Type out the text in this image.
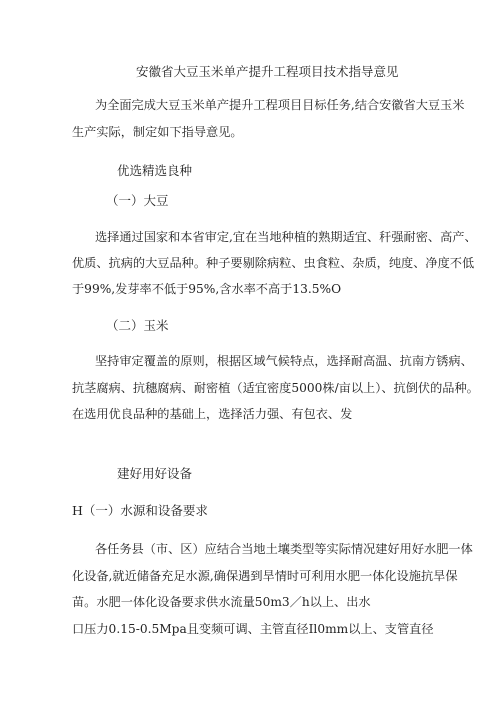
安徽省大豆玉米单产提升工程项目技术指导意见
为全面完成大豆玉米单产提升工程项目目标任务,结合安徽省大豆玉米
生产实际，制定如下指导意见。
优选精选良种
（一）大豆
选择通过国家和本省审定,宜在当地种植的熟期适宜、秆强耐密、高产、
优质、抗病的大豆品种。种子要剔除病粒、虫食粒、杂质，纯度、净度不低
于99%,发芽率不低于95%,含水率不高于13.5%O
（二）玉米
坚持审定覆盖的原则，根据区域气候特点，选择耐高温、抗南方锈病、
抗茎腐病、抗穗腐病、耐密植（适宜密度5000株/亩以上）、抗倒伏的品种。
在选用优良品种的基础上，选择活力强、有包衣、发
建好用好设备
H（一）水源和设备要求
各任务县（市、区）应结合当地土壤类型等实际情况建好用好水肥一体
化设备,就近储备充足水源,确保遇到旱情时可利用水肥一体化设施抗旱保
苗。水肥一体化设备要求供水流量50m3／h以上、出水
口压力0.15-0.5Mpa且变频可调、主管直径Il0mm以上、支管直径
